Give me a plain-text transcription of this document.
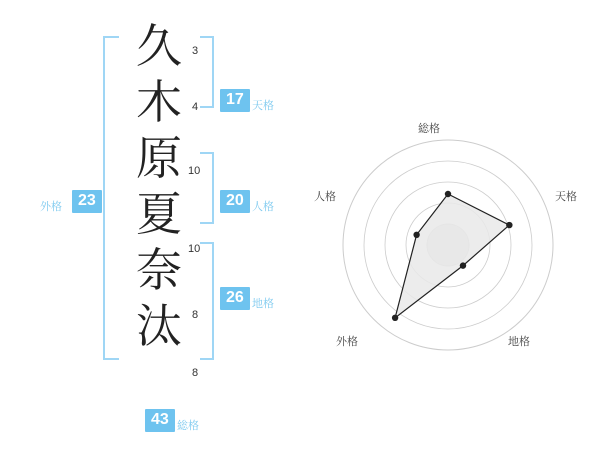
久
木
原
夏
奈
汰
3
4
10
10
8
8
外格	23
17 天格
20 人格
26 地格
43 総格
総格
天格
地格
外格
人格
